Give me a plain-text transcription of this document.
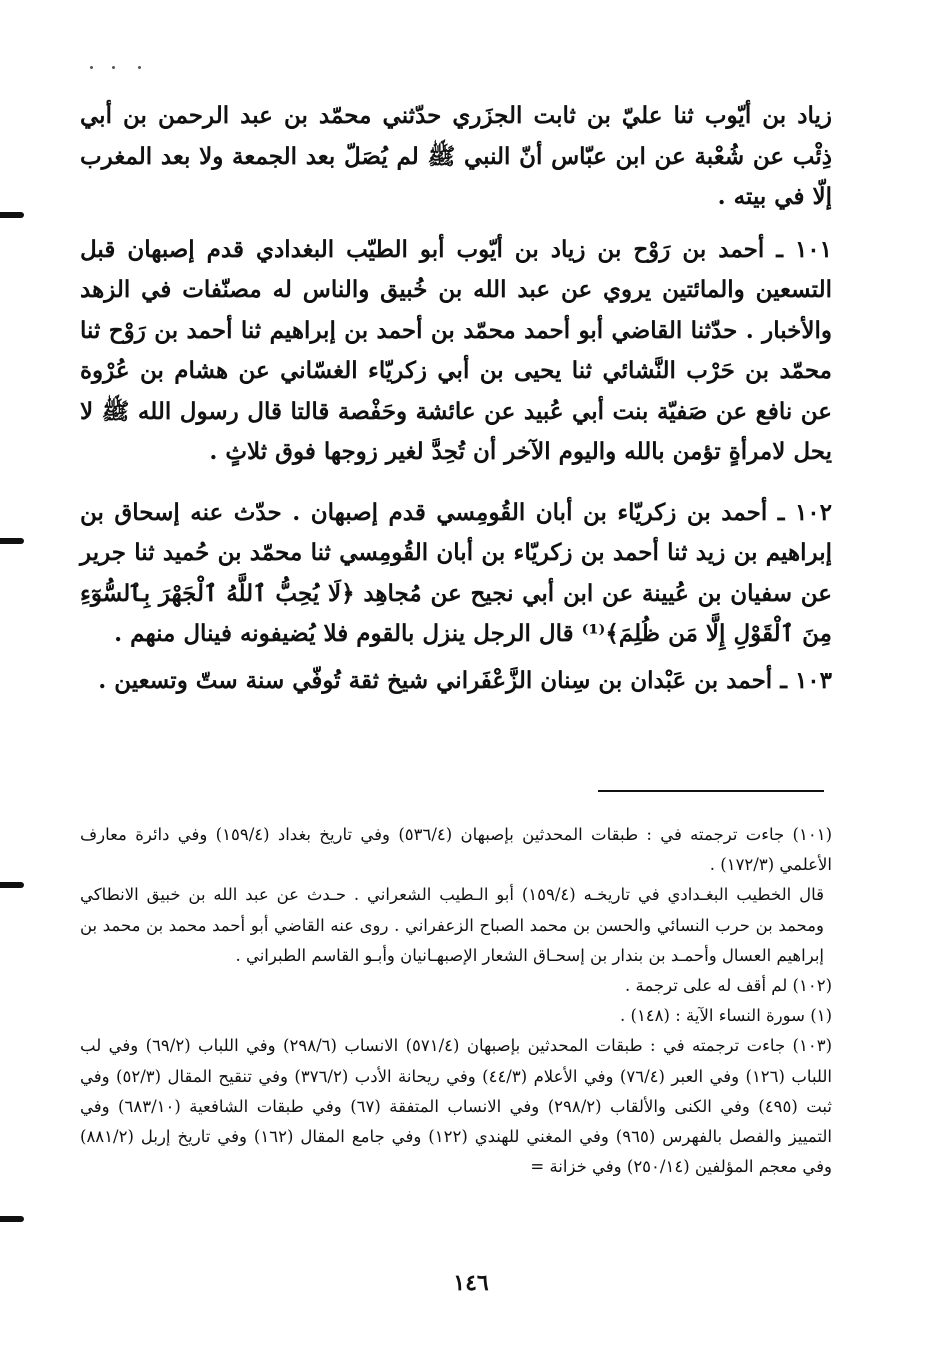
زياد بن أيّوب ثنا عليّ بن ثابت الجزَري حدّثني محمّد بن عبد الرحمن بن أبي ذِئْب عن شُعْبة عن ابن عبّاس أنّ النبي ﷺ لم يُصَلّ بعد الجمعة ولا بعد المغرب إلّا في بيته .

١٠١ ـ أحمد بن رَوْح بن زياد بن أيّوب أبو الطيّب البغدادي قدم إصبهان قبل التسعين والمائتين يروي عن عبد الله بن خُبيق والناس له مصنّفات في الزهد والأخبار . حدّثنا القاضي أبو أحمد محمّد بن أحمد بن إبراهيم ثنا أحمد بن رَوْح ثنا محمّد بن حَرْب النَّشائي ثنا يحيى بن أبي زكريّاء الغسّاني عن هشام بن عُرْوة عن نافع عن صَفيّة بنت أبي عُبيد عن عائشة وحَفْصة قالتا قال رسول الله ﷺ لا يحل لامرأةٍ تؤمن بالله واليوم الآخر أن تُحِدَّ لغير زوجها فوق ثلاثٍ .

١٠٢ ـ أحمد بن زكريّاء بن أبان القُومِسي قدم إصبهان . حدّث عنه إسحاق بن إبراهيم بن زيد ثنا أحمد بن زكريّاء بن أبان القُومِسي ثنا محمّد بن حُميد ثنا جرير عن سفيان بن عُيينة عن ابن أبي نجيح عن مُجاهِد ﴿لَا يُحِبُّ ٱللَّهُ ٱلْجَهْرَ بِٱلسُّوٓءِ مِنَ ٱلْقَوْلِ إِلَّا مَن ظُلِمَ﴾⁽¹⁾ قال الرجل ينزل بالقوم فلا يُضيفونه فينال منهم .

١٠٣ ـ أحمد بن عَبْدان بن سِنان الزَّعْفَراني شيخ ثقة تُوفّي سنة ستّ وتسعين .

(١٠١) جاءت ترجمته في : طبقات المحدثين بإصبهان (٥٣٦/٤) وفي تاريخ بغداد (١٥٩/٤) وفي دائرة معارف الأعلمي (١٧٢/٣) .

قال الخطيب البغـدادي في تاريخـه (١٥٩/٤) أبو الـطيب الشعراني . حـدث عن عبد الله بن خبيق الانطاكي ومحمد بن حرب النسائي والحسن بن محمد الصباح الزعفراني . روى عنه القاضي أبو أحمد محمد بن محمد بن إبراهيم العسال وأحمـد بن بندار بن إسحـاق الشعار الإصبهـانيان وأبـو القاسم الطبراني .

(١٠٢) لم أقف له على ترجمة .

(١) سورة النساء الآية : (١٤٨) .

(١٠٣) جاءت ترجمته في : طبقات المحدثين بإصبهان (٥٧١/٤) الانساب (٢٩٨/٦) وفي اللباب (٦٩/٢) وفي لب اللباب (١٢٦) وفي العبر (٧٦/٤) وفي الأعلام (٤٤/٣) وفي ريحانة الأدب (٣٧٦/٢) وفي تنقيح المقال (٥٢/٣) وفي ثبت (٤٩٥) وفي الكنى والألقاب (٢٩٨/٢) وفي الانساب المتفقة (٦٧) وفي طبقات الشافعية (٦٨٣/١٠) وفي التمييز والفصل بالفهرس (٩٦٥) وفي المغني للهندي (١٢٢) وفي جامع المقال (١٦٢) وفي تاريخ إربل (٨٨١/٢) وفي معجم المؤلفين (٢٥٠/١٤) وفي خزانة =

١٤٦
